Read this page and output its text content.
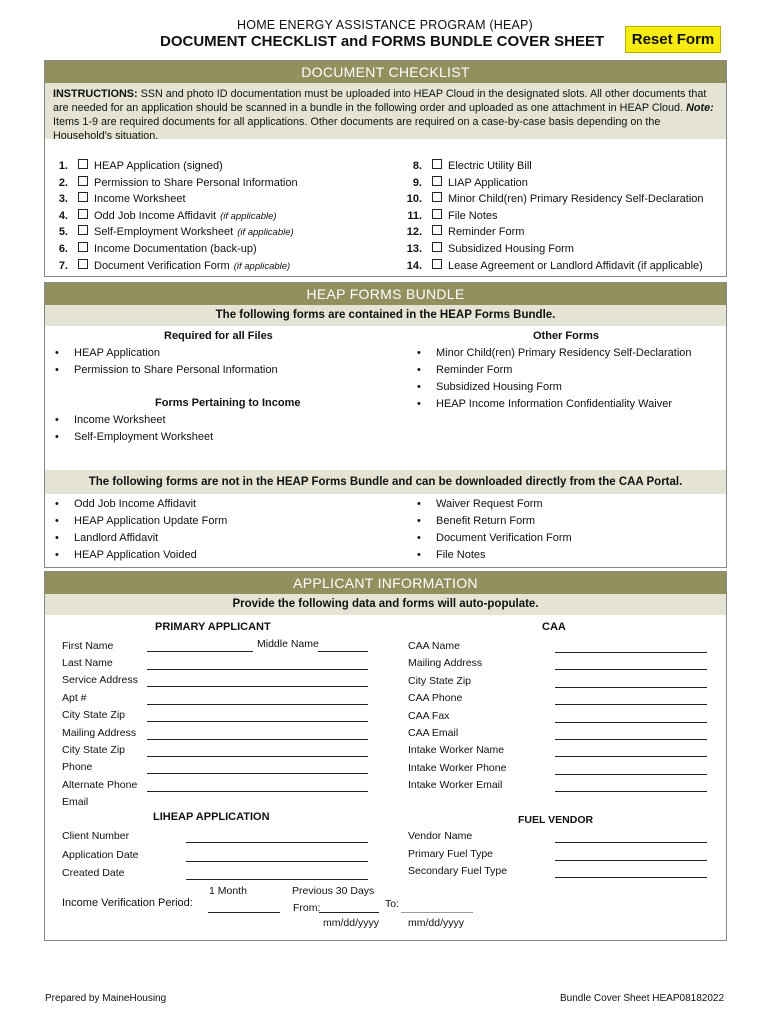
HOME ENERGY ASSISTANCE PROGRAM (HEAP)
DOCUMENT CHECKLIST and FORMS BUNDLE COVER SHEET	Reset Form
DOCUMENT CHECKLIST
INSTRUCTIONS: SSN and photo ID documentation must be uploaded into HEAP Cloud in the designated slots. All other documents that are needed for an application should be scanned in a bundle in the following order and uploaded as one attachment in HEAP Cloud. Note: Items 1-9 are required documents for all applications. Other documents are required on a case-by-case basis depending on the Household's situation.
1. HEAP Application (signed)
2. Permission to Share Personal Information
3. Income Worksheet
4. Odd Job Income Affidavit (if applicable)
5. Self-Employment Worksheet (if applicable)
6. Income Documentation (back-up)
7. Document Verification Form (if applicable)
8. Electric Utility Bill
9. LIAP Application
10. Minor Child(ren) Primary Residency Self-Declaration
11. File Notes
12. Reminder Form
13. Subsidized Housing Form
14. Lease Agreement or Landlord Affidavit (if applicable)
HEAP FORMS BUNDLE
The following forms are contained in the HEAP Forms Bundle.
Required for all Files
• HEAP Application
• Permission to Share Personal Information
Forms Pertaining to Income
• Income Worksheet
• Self-Employment Worksheet
Other Forms
• Minor Child(ren) Primary Residency Self-Declaration
• Reminder Form
• Subsidized Housing Form
• HEAP Income Information Confidentiality Waiver
The following forms are not in the HEAP Forms Bundle and can be downloaded directly from the CAA Portal.
• Odd Job Income Affidavit
• HEAP Application Update Form
• Landlord Affidavit
• HEAP Application Voided
• Waiver Request Form
• Benefit Return Form
• Document Verification Form
• File Notes
APPLICANT INFORMATION
Provide the following data and forms will auto-populate.
PRIMARY APPLICANT	CAA
First Name	Middle Name
Last Name
Service Address
Apt #
City State Zip
Mailing Address
City State Zip
Phone
Alternate Phone
Email
CAA Name
Mailing Address
City State Zip
CAA Phone
CAA Fax
CAA Email
Intake Worker Name
Intake Worker Phone
Intake Worker Email
LIHEAP APPLICATION	FUEL VENDOR
Client Number
Application Date
Created Date
Vendor Name
Primary Fuel Type
Secondary Fuel Type
1 Month	Previous 30 Days
Income Verification Period:	From:	To:
mm/dd/yyyy	mm/dd/yyyy
Prepared by MaineHousing	Bundle Cover Sheet HEAP08182022
